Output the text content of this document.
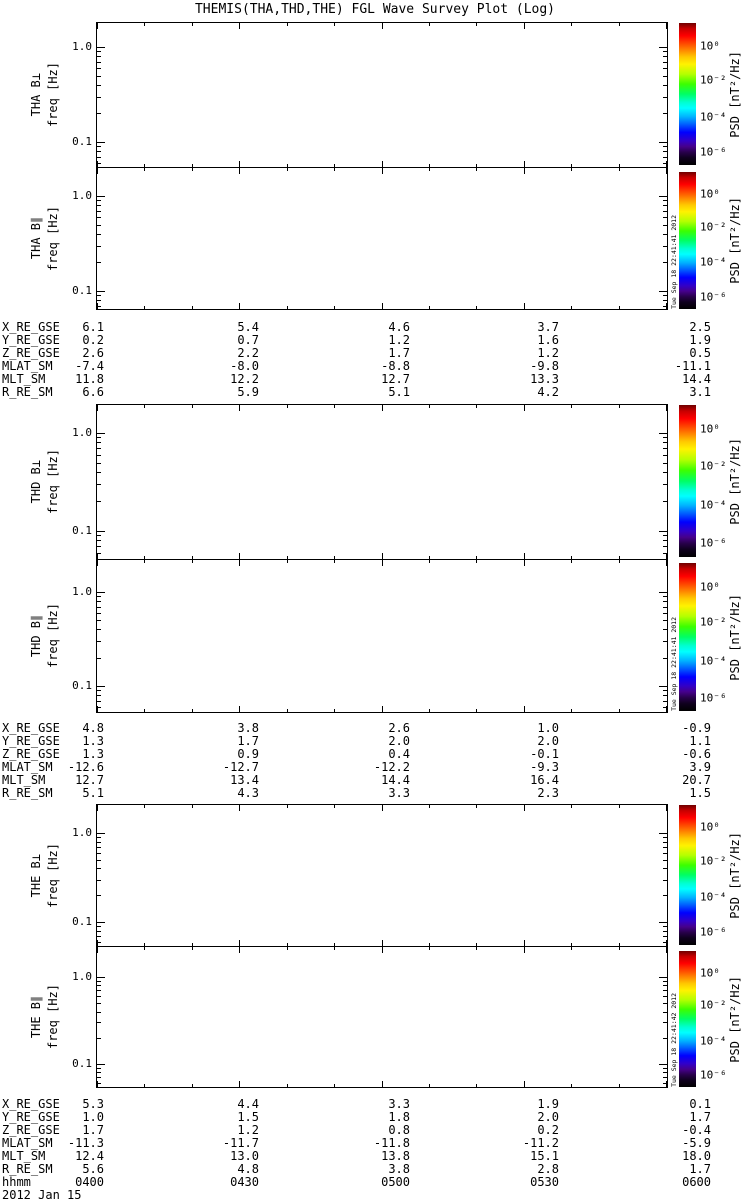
THEMIS(THA,THD,THE) FGL Wave Survey Plot (Log)
THA B⊥ freq [Hz]
THA B∥ freq [Hz]
THD B⊥ freq [Hz]
THD B∥ freq [Hz]
THE B⊥ freq [Hz]
THE B∥ freq [Hz]
1.0
0.1
1.0
0.1
1.0
0.1
1.0
0.1
1.0
0.1
1.0
0.1
10⁰
10⁻²
10⁻⁴
10⁻⁶
10⁰
10⁻²
10⁻⁴
10⁻⁶
10⁰
10⁻²
10⁻⁴
10⁻⁶
10⁰
10⁻²
10⁻⁴
10⁻⁶
10⁰
10⁻²
10⁻⁴
10⁻⁶
10⁰
10⁻²
10⁻⁴
10⁻⁶
PSD [nT²/Hz]
PSD [nT²/Hz]
PSD [nT²/Hz]
PSD [nT²/Hz]
PSD [nT²/Hz]
PSD [nT²/Hz]
Tue Sep 18 22:41:41 2012
Tue Sep 18 22:41:41 2012
Tue Sep 18 22:41:42 2012
X_RE_GSE	6.1	5.4	4.6	3.7	2.5
Y_RE_GSE	0.2	0.7	1.2	1.6	1.9
Z_RE_GSE	2.6	2.2	1.7	1.2	0.5
MLAT_SM	-7.4	-8.0	-8.8	-9.8	-11.1
MLT_SM	11.8	12.2	12.7	13.3	14.4
R_RE_SM	6.6	5.9	5.1	4.2	3.1
X_RE_GSE	4.8	3.8	2.6	1.0	-0.9
Y_RE_GSE	1.3	1.7	2.0	2.0	1.1
Z_RE_GSE	1.3	0.9	0.4	-0.1	-0.6
MLAT_SM	-12.6	-12.7	-12.2	-9.3	3.9
MLT_SM	12.7	13.4	14.4	16.4	20.7
R_RE_SM	5.1	4.3	3.3	2.3	1.5
X_RE_GSE	5.3	4.4	3.3	1.9	0.1
Y_RE_GSE	1.0	1.5	1.8	2.0	1.7
Z_RE_GSE	1.7	1.2	0.8	0.2	-0.4
MLAT_SM	-11.3	-11.7	-11.8	-11.2	-5.9
MLT_SM	12.4	13.0	13.8	15.1	18.0
R_RE_SM	5.6	4.8	3.8	2.8	1.7
hhmm	0400	0430	0500	0530	0600
2012 Jan 15
